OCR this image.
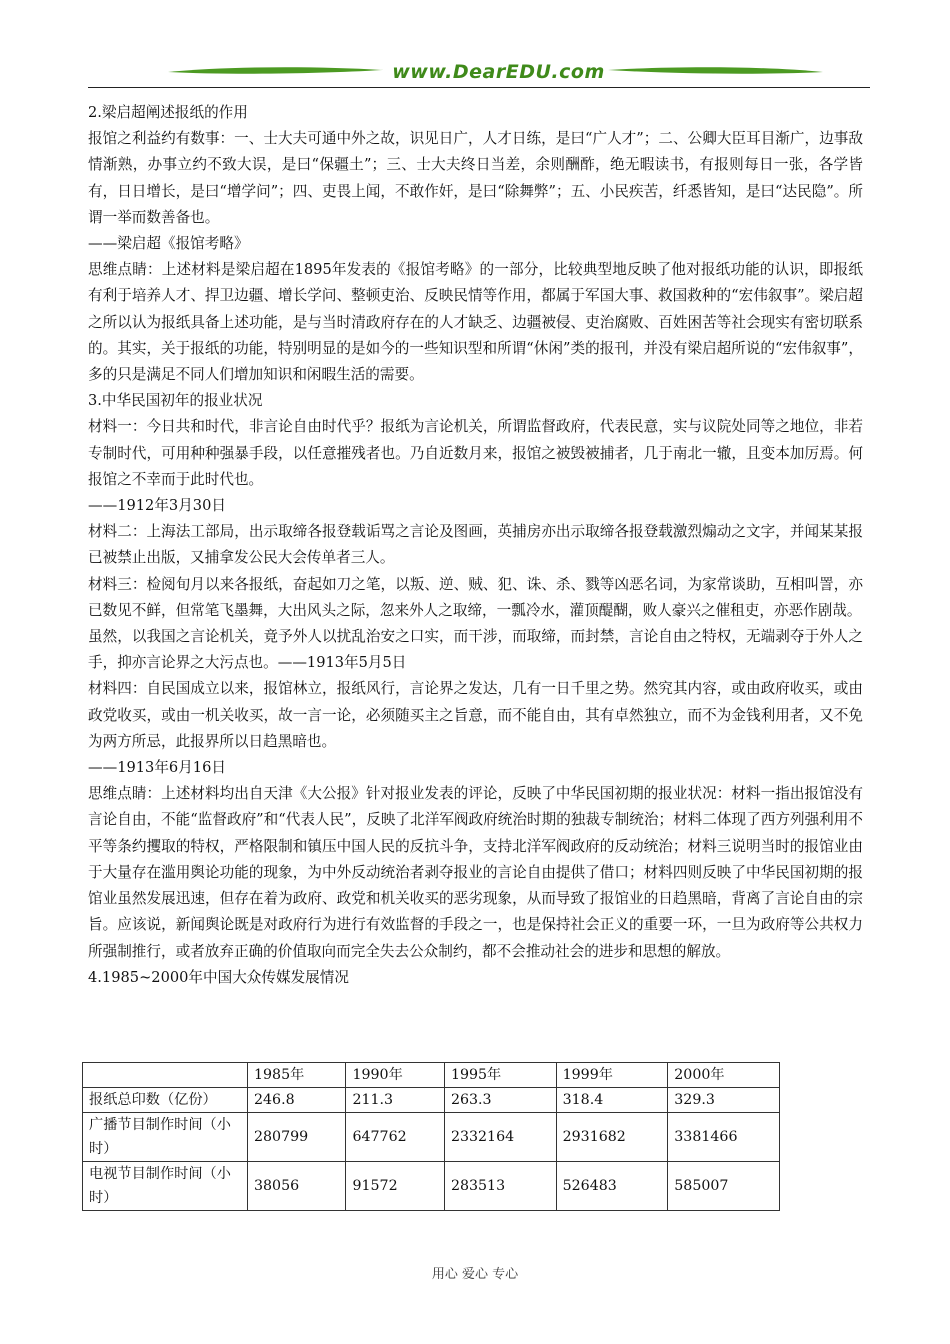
www.DearEDU.com

2.梁启超阐述报纸的作用

报馆之利益约有数事：一、士大夫可通中外之故，识见日广，人才日练，是曰“广人才”；二、公卿大臣耳目渐广，边事敌情渐熟，办事立约不致大误，是曰“保疆土”；三、士大夫终日当差，余则酬酢，绝无暇读书，有报则每日一张，各学皆有，日日增长，是曰“增学问”；四、吏畏上闻，不敢作奸，是曰“除舞弊”；五、小民疾苦，纤悉皆知，是曰“达民隐”。所谓一举而数善备也。

——梁启超《报馆考略》

思维点睛：上述材料是梁启超在1895年发表的《报馆考略》的一部分，比较典型地反映了他对报纸功能的认识，即报纸有利于培养人才、捍卫边疆、增长学问、整顿吏治、反映民情等作用，都属于军国大事、救国救种的“宏伟叙事”。梁启超之所以认为报纸具备上述功能，是与当时清政府存在的人才缺乏、边疆被侵、吏治腐败、百姓困苦等社会现实有密切联系的。其实，关于报纸的功能，特别明显的是如今的一些知识型和所谓“休闲”类的报刊，并没有梁启超所说的“宏伟叙事”，多的只是满足不同人们增加知识和闲暇生活的需要。

3.中华民国初年的报业状况

材料一：今日共和时代，非言论自由时代乎？报纸为言论机关，所谓监督政府，代表民意，实与议院处同等之地位，非若专制时代，可用种种强暴手段，以任意摧残者也。乃自近数月来，报馆之被毁被捕者，几于南北一辙，且变本加厉焉。何报馆之不幸而于此时代也。

——1912年3月30日

材料二：上海法工部局，出示取缔各报登载诟骂之言论及图画，英捕房亦出示取缔各报登载激烈煽动之文字，并闻某某报已被禁止出版，又捕拿发公民大会传单者三人。

材料三：检阅旬月以来各报纸，奋起如刀之笔，以叛、逆、贼、犯、诛、杀、戮等凶恶名词，为家常谈助，互相叫詈，亦已数见不鲜，但常笔飞墨舞，大出风头之际，忽来外人之取缔，一瓢冷水，灌顶醍醐，败人豪兴之催租吏，亦恶作剧哉。

虽然，以我国之言论机关，竟予外人以扰乱治安之口实，而干涉，而取缔，而封禁，言论自由之特权，无端剥夺于外人之手，抑亦言论界之大污点也。——1913年5月5日

材料四：自民国成立以来，报馆林立，报纸风行，言论界之发达，几有一日千里之势。然究其内容，或由政府收买，或由政党收买，或由一机关收买，故一言一论，必须随买主之旨意，而不能自由，其有卓然独立，而不为金钱利用者，又不免为两方所忌，此报界所以日趋黑暗也。

——1913年6月16日

思维点睛：上述材料均出自天津《大公报》针对报业发表的评论，反映了中华民国初期的报业状况：材料一指出报馆没有言论自由，不能“监督政府”和“代表人民”，反映了北洋军阀政府统治时期的独裁专制统治；材料二体现了西方列强利用不平等条约攫取的特权，严格限制和镇压中国人民的反抗斗争，支持北洋军阀政府的反动统治；材料三说明当时的报馆业由于大量存在滥用舆论功能的现象，为中外反动统治者剥夺报业的言论自由提供了借口；材料四则反映了中华民国初期的报馆业虽然发展迅速，但存在着为政府、政党和机关收买的恶劣现象，从而导致了报馆业的日趋黑暗，背离了言论自由的宗旨。应该说，新闻舆论既是对政府行为进行有效监督的手段之一，也是保持社会正义的重要一环，一旦为政府等公共权力所强制推行，或者放弃正确的价值取向而完全失去公众制约，都不会推动社会的进步和思想的解放。

4.1985~2000年中国大众传媒发展情况

	1985年	1990年	1995年	1999年	2000年
报纸总印数（亿份）	246.8	211.3	263.3	318.4	329.3
广播节目制作时间（小时）	280799	647762	2332164	2931682	3381466
电视节目制作时间（小时）	38056	91572	283513	526483	585007
用心 爱心 专心
